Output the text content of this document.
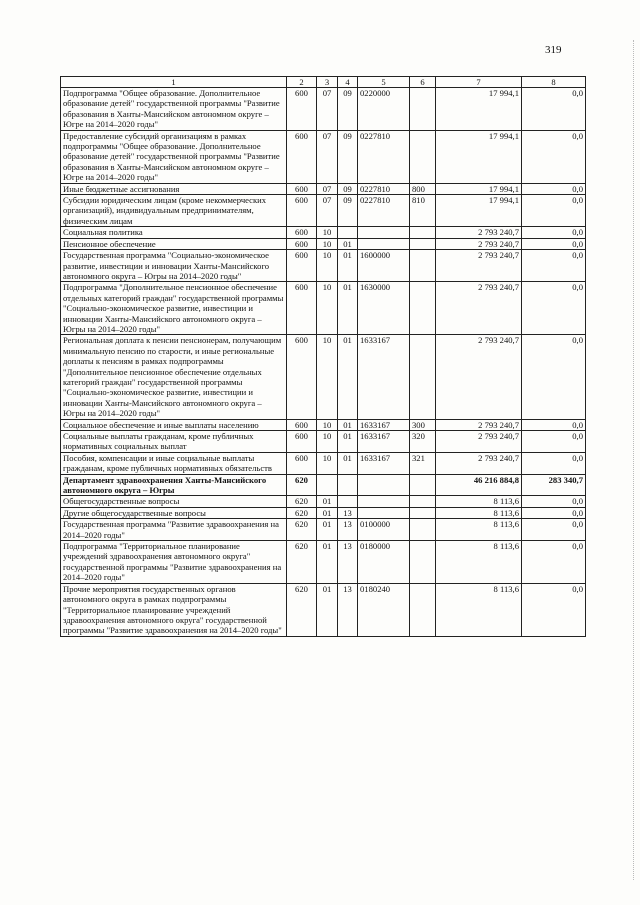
319
1	2	3	4	5	6	7	8
Подпрограмма "Общее образование. Дополнительное образование детей" государственной программы "Развитие образования в Ханты-Мансийском автономном округе – Югре на 2014–2020 годы"	600	07	09	0220000		17 994,1	0,0
Предоставление субсидий организациям в рамках подпрограммы "Общее образование. Дополнительное образование детей" государственной программы "Развитие образования в Ханты-Мансийском автономном округе – Югре на 2014–2020 годы"	600	07	09	0227810		17 994,1	0,0
Иные бюджетные ассигнования	600	07	09	0227810	800	17 994,1	0,0
Субсидии юридическим лицам (кроме некоммерческих организаций), индивидуальным предпринимателям, физическим лицам	600	07	09	0227810	810	17 994,1	0,0
Социальная политика	600	10				2 793 240,7	0,0
Пенсионное обеспечение	600	10	01			2 793 240,7	0,0
Государственная программа "Социально-экономическое развитие, инвестиции и инновации Ханты-Мансийского автономного округа – Югры на 2014–2020 годы"	600	10	01	1600000		2 793 240,7	0,0
Подпрограмма "Дополнительное пенсионное обеспечение отдельных категорий граждан" государственной программы "Социально-экономическое развитие, инвестиции и инновации Ханты-Мансийского автономного округа – Югры на 2014–2020 годы"	600	10	01	1630000		2 793 240,7	0,0
Региональная доплата к пенсии пенсионерам, получающим минимальную пенсию по старости, и иные региональные доплаты к пенсиям в рамках подпрограммы "Дополнительное пенсионное обеспечение отдельных категорий граждан" государственной программы "Социально-экономическое развитие, инвестиции и инновации Ханты-Мансийского автономного округа – Югры на 2014–2020 годы"	600	10	01	1633167		2 793 240,7	0,0
Социальное обеспечение и иные выплаты населению	600	10	01	1633167	300	2 793 240,7	0,0
Социальные выплаты гражданам, кроме публичных нормативных социальных выплат	600	10	01	1633167	320	2 793 240,7	0,0
Пособия, компенсации и иные социальные выплаты гражданам, кроме публичных нормативных обязательств	600	10	01	1633167	321	2 793 240,7	0,0
Департамент здравоохранения Ханты-Мансийского автономного округа – Югры	620					46 216 884,8	283 340,7
Общегосударственные вопросы	620	01				8 113,6	0,0
Другие общегосударственные вопросы	620	01	13			8 113,6	0,0
Государственная программа "Развитие здравоохранения на 2014–2020 годы"	620	01	13	0100000		8 113,6	0,0
Подпрограмма "Территориальное планирование учреждений здравоохранения автономного округа" государственной программы "Развитие здравоохранения на 2014–2020 годы"	620	01	13	0180000		8 113,6	0,0
Прочие мероприятия государственных органов автономного округа в рамках подпрограммы "Территориальное планирование учреждений здравоохранения автономного округа" государственной программы "Развитие здравоохранения на 2014–2020 годы"	620	01	13	0180240		8 113,6	0,0
